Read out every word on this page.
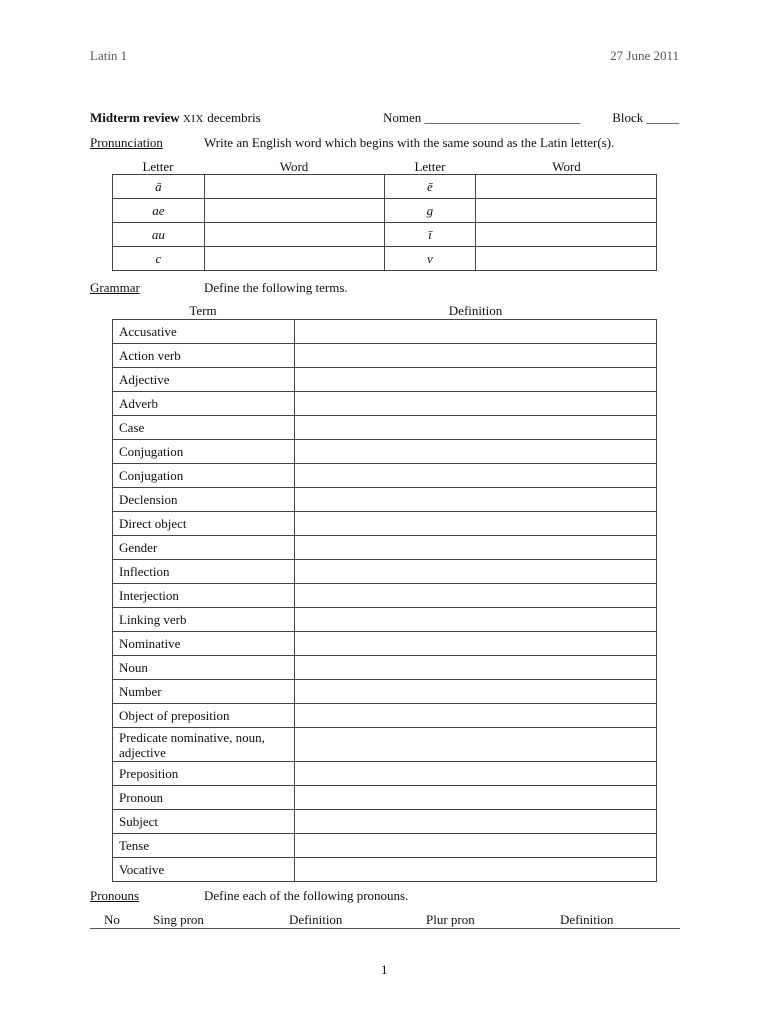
Latin 1	27 June 2011
Midterm review XIX decembris	Nomen ________________________ Block _____
Pronunciation	Write an English word which begins with the same sound as the Latin letter(s).
Letter	Word	Letter	Word
ā		ē	
ae		g	
au		ī	
c		v	
Grammar	Define the following terms.
Term	Definition
Accusative	
Action verb	
Adjective	
Adverb	
Case	
Conjugation	
Conjugation	
Declension	
Direct object	
Gender	
Inflection	
Interjection	
Linking verb	
Nominative	
Noun	
Number	
Object of preposition	
Predicate nominative, noun,
adjective	
Preposition	
Pronoun	
Subject	
Tense	
Vocative	
Pronouns	Define each of the following pronouns.
No	Sing pron	Definition	Plur pron	Definition
1
